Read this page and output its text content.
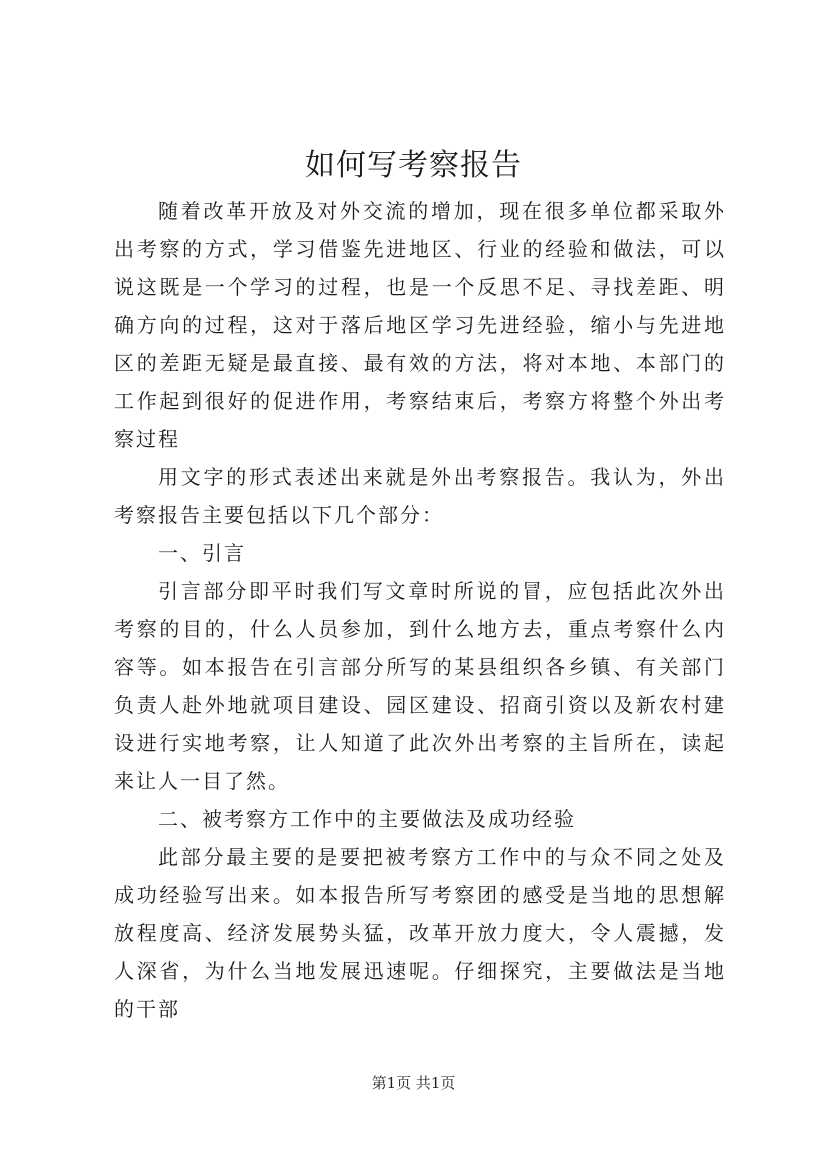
如何写考察报告

随着改革开放及对外交流的增加，现在很多单位都采取外出考察的方式，学习借鉴先进地区、行业的经验和做法，可以说这既是一个学习的过程，也是一个反思不足、寻找差距、明确方向的过程，这对于落后地区学习先进经验，缩小与先进地区的差距无疑是最直接、最有效的方法，将对本地、本部门的工作起到很好的促进作用，考察结束后，考察方将整个外出考察过程

用文字的形式表述出来就是外出考察报告。我认为，外出考察报告主要包括以下几个部分：

一、引言

引言部分即平时我们写文章时所说的冒，应包括此次外出考察的目的，什么人员参加，到什么地方去，重点考察什么内容等。如本报告在引言部分所写的某县组织各乡镇、有关部门负责人赴外地就项目建设、园区建设、招商引资以及新农村建设进行实地考察，让人知道了此次外出考察的主旨所在，读起来让人一目了然。

二、被考察方工作中的主要做法及成功经验

此部分最主要的是要把被考察方工作中的与众不同之处及成功经验写出来。如本报告所写考察团的感受是当地的思想解放程度高、经济发展势头猛，改革开放力度大，令人震撼，发人深省，为什么当地发展迅速呢。仔细探究，主要做法是当地的干部

第1页 共1页
